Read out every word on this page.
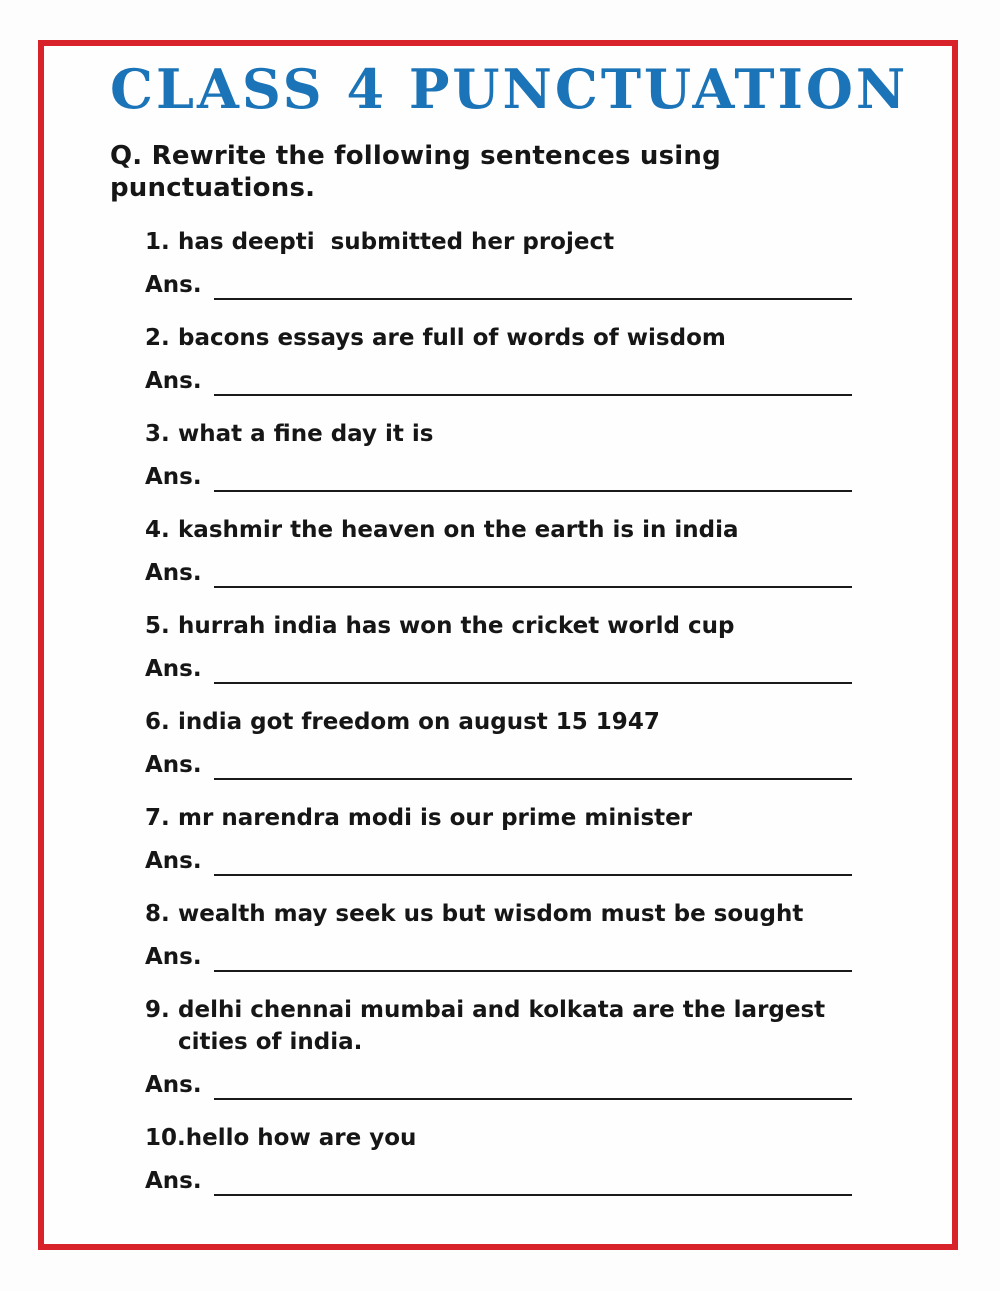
CLASS 4 PUNCTUATION

Q. Rewrite the following sentences using punctuations.

1. has deepti  submitted her project
Ans.
2. bacons essays are full of words of wisdom
Ans.
3. what a fine day it is
Ans.
4. kashmir the heaven on the earth is in india
Ans.
5. hurrah india has won the cricket world cup
Ans.
6. india got freedom on august 15 1947
Ans.
7. mr narendra modi is our prime minister
Ans.
8. wealth may seek us but wisdom must be sought
Ans.
9. delhi chennai mumbai and kolkata are the largest cities of india.
Ans.
10. hello how are you
Ans.
